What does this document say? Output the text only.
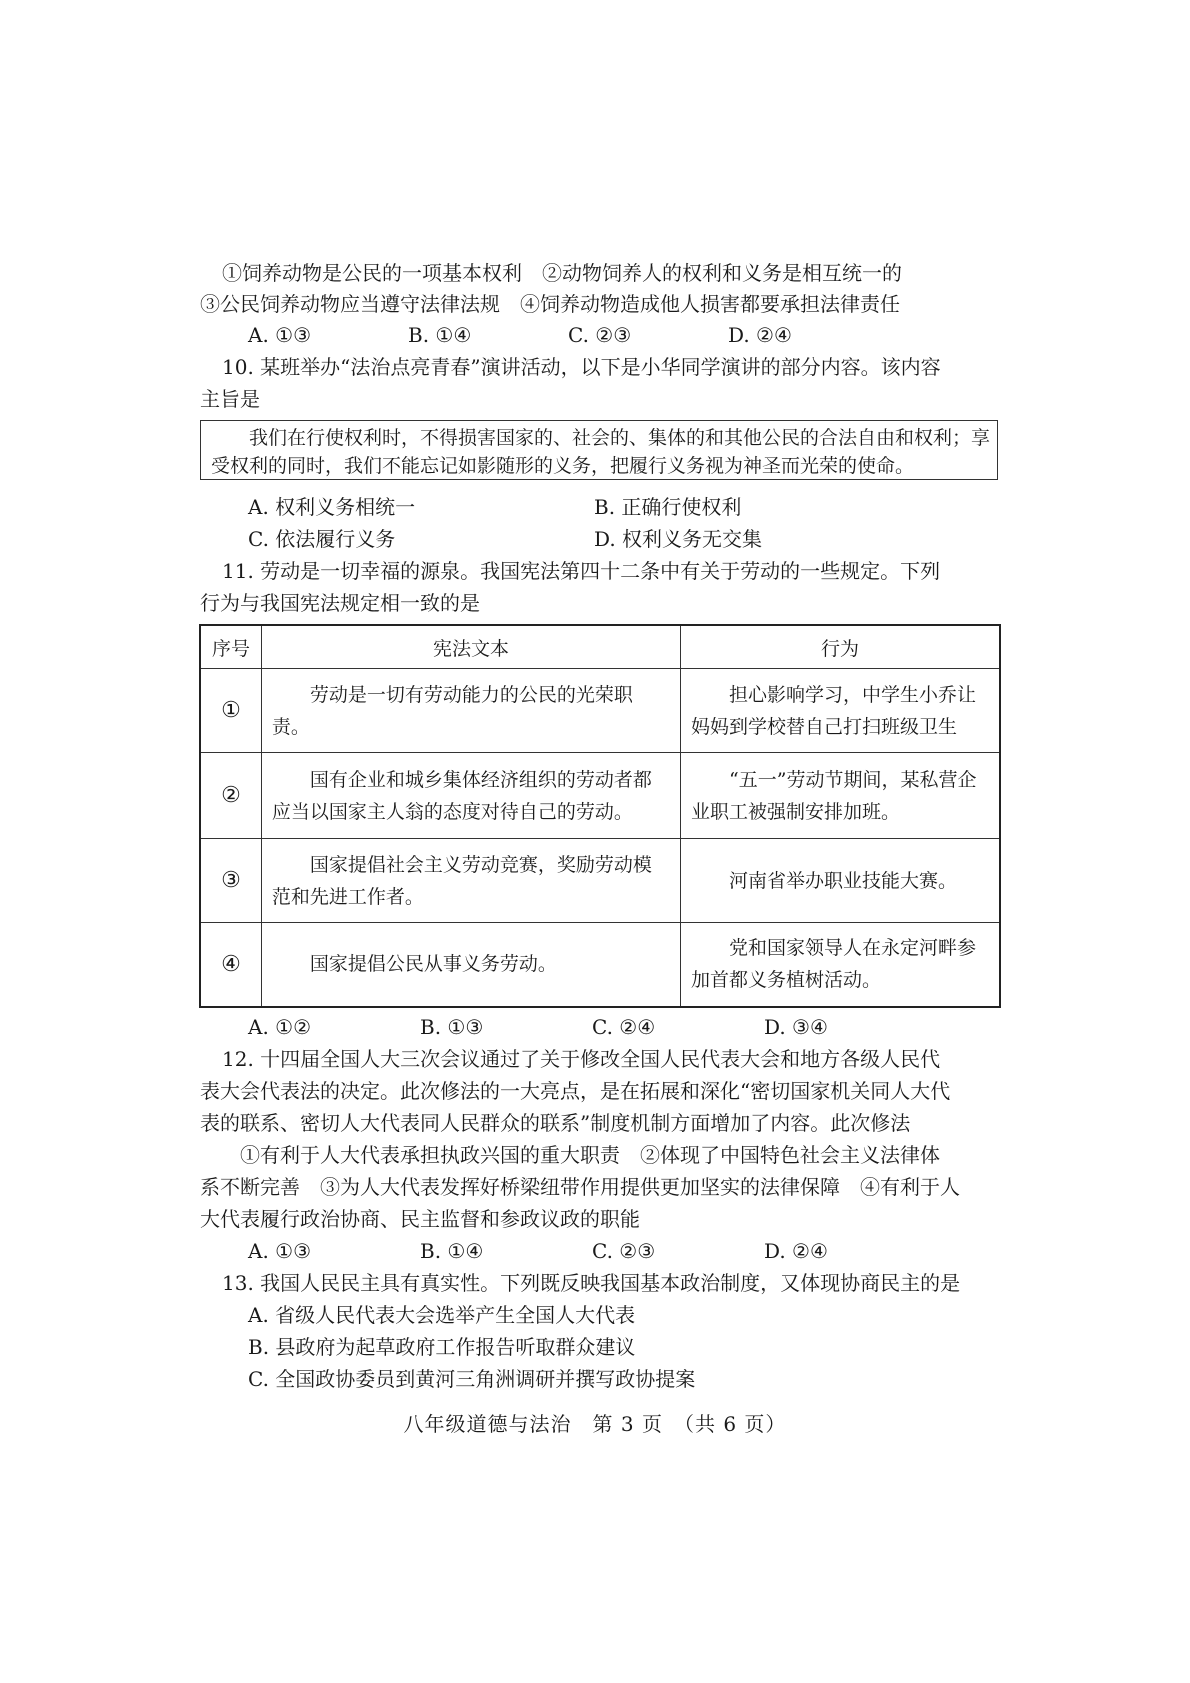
①饲养动物是公民的一项基本权利　②动物饲养人的权利和义务是相互统一的
③公民饲养动物应当遵守法律法规　④饲养动物造成他人损害都要承担法律责任
A. ①③	B. ①④	C. ②③	D. ②④
10. 某班举办“法治点亮青春”演讲活动，以下是小华同学演讲的部分内容。该内容
主旨是
　　我们在行使权利时，不得损害国家的、社会的、集体的和其他公民的合法自由和权利；享
受权利的同时，我们不能忘记如影随形的义务，把履行义务视为神圣而光荣的使命。
A. 权利义务相统一	B. 正确行使权利
C. 依法履行义务	D. 权利义务无交集
11. 劳动是一切幸福的源泉。我国宪法第四十二条中有关于劳动的一些规定。下列
行为与我国宪法规定相一致的是
序号	宪法文本	行为
①	　　劳动是一切有劳动能力的公民的光荣职责。	　　担心影响学习，中学生小乔让妈妈到学校替自己打扫班级卫生
②	　　国有企业和城乡集体经济组织的劳动者都应当以国家主人翁的态度对待自己的劳动。	　　“五一”劳动节期间，某私营企业职工被强制安排加班。
③	　　国家提倡社会主义劳动竞赛，奖励劳动模范和先进工作者。	　　河南省举办职业技能大赛。
④	　　国家提倡公民从事义务劳动。	　　党和国家领导人在永定河畔参加首都义务植树活动。
A. ①②	B. ①③	C. ②④	D. ③④
12. 十四届全国人大三次会议通过了关于修改全国人民代表大会和地方各级人民代
表大会代表法的决定。此次修法的一大亮点，是在拓展和深化“密切国家机关同人大代
表的联系、密切人大代表同人民群众的联系”制度机制方面增加了内容。此次修法
　　①有利于人大代表承担执政兴国的重大职责　②体现了中国特色社会主义法律体
系不断完善　③为人大代表发挥好桥梁纽带作用提供更加坚实的法律保障　④有利于人
大代表履行政治协商、民主监督和参政议政的职能
A. ①③	B. ①④	C. ②③	D. ②④
13. 我国人民民主具有真实性。下列既反映我国基本政治制度，又体现协商民主的是
A. 省级人民代表大会选举产生全国人大代表
B. 县政府为起草政府工作报告听取群众建议
C. 全国政协委员到黄河三角洲调研并撰写政协提案
八年级道德与法治　第 3 页　（共 6 页）
